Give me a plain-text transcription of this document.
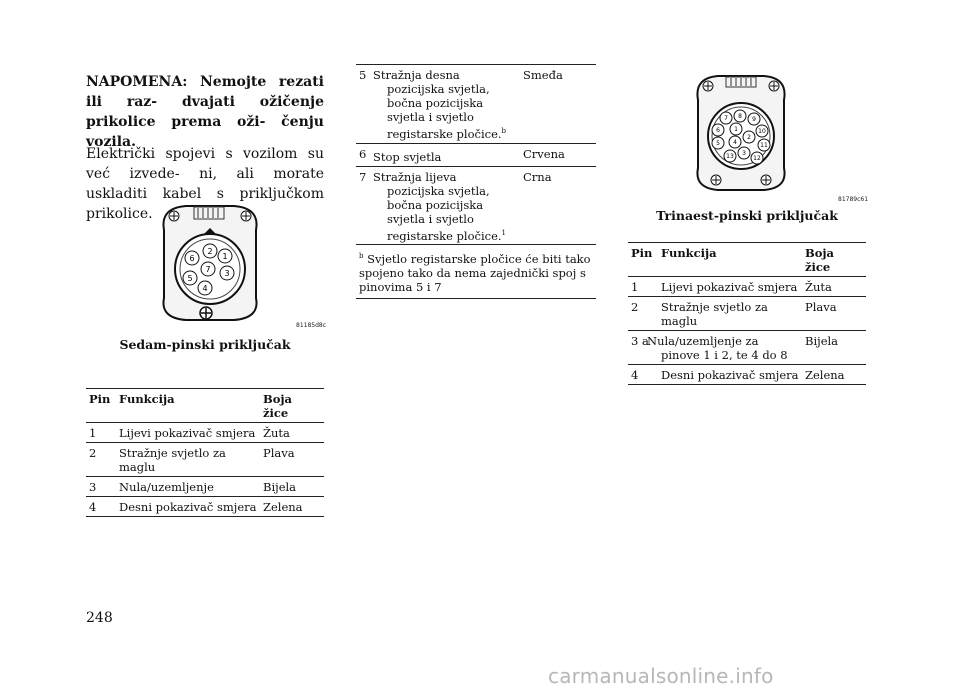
NAPOMENA: Nemojte rezati ili raz- dvajati ožičenje prikolice prema oži- čenju vozila.
Električki spojevi s vozilom su već izvede- ni, ali morate uskladiti kabel s priključkom prikolice.
6
2
5
7 3
4
1
81185d8c
Sedam-pinski priključak
Pin	Funkcija	Boja žice
1	Lijevi pokazivač smjera	Žuta
2	Stražnje svjetlo za maglu	Plava
3	Nula/uzemljenje	Bijela
4	Desni pokazivač smjera	Zelena
5	Stražnja desna pozicijska svjetla, bočna pozicijska svjetla i svjetlo registarske pločice.$^b$	Smeđa
6	Stop svjetla	Crvena
7	Stražnja lijeva pozicijska svjetla, bočna pozicijska svjetla i svjetlo registarske pločice.$^1$	Crna
$^b$ Svjetlo registarske pločice će biti tako spojeno tako da nema zajednički spoj s pinovima 5 i 7		
7 8 9
6 1	10
5 4
2
11
13 3
12
81789c61
Trinaest-pinski priključak
Pin	Funkcija	Boja žice
1	Lijevi pokazivač smjera	Žuta
2	Stražnje svjetlo za maglu	Plava
3 a	Nula/uzemljenje za pinove 1 i 2, te 4 do 8	Bijela
4	Desni pokazivač smjera	Zelena
248
carmanualsonline.info
